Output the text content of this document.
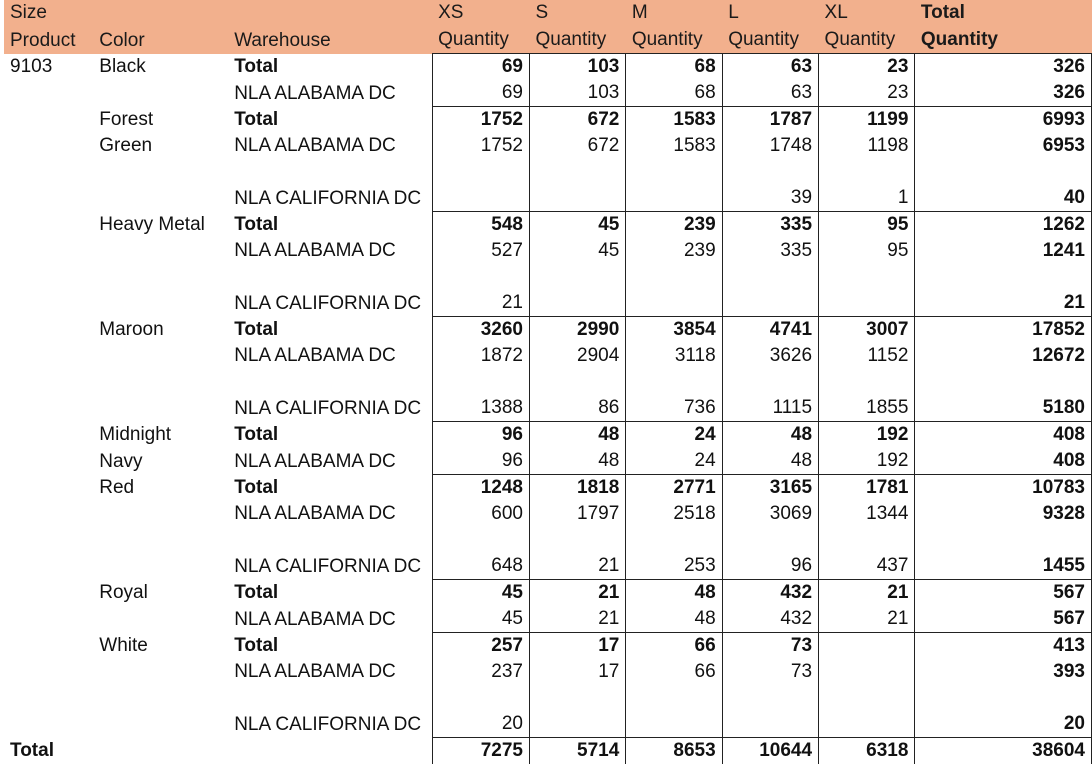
Size			XS	S	M	L	XL	Total
Product	Color	Warehouse	Quantity	Quantity	Quantity	Quantity	Quantity	Quantity
9103	Black	Total	69	103	68	63	23	326
		NLA ALABAMA DC	69	103	68	63	23	326
	Forest	Total	1752	672	1583	1787	1199	6993
	Green	NLA ALABAMA DC	1752	672	1583	1748	1198	6953
		NLA CALIFORNIA DC				39	1	40
	Heavy Metal	Total	548	45	239	335	95	1262
		NLA ALABAMA DC	527	45	239	335	95	1241
		NLA CALIFORNIA DC	21					21
	Maroon	Total	3260	2990	3854	4741	3007	17852
		NLA ALABAMA DC	1872	2904	3118	3626	1152	12672
		NLA CALIFORNIA DC	1388	86	736	1115	1855	5180
	Midnight	Total	96	48	24	48	192	408
	Navy	NLA ALABAMA DC	96	48	24	48	192	408
	Red	Total	1248	1818	2771	3165	1781	10783
		NLA ALABAMA DC	600	1797	2518	3069	1344	9328
		NLA CALIFORNIA DC	648	21	253	96	437	1455
	Royal	Total	45	21	48	432	21	567
		NLA ALABAMA DC	45	21	48	432	21	567
	White	Total	257	17	66	73		413
		NLA ALABAMA DC	237	17	66	73		393
		NLA CALIFORNIA DC	20					20
Total			7275	5714	8653	10644	6318	38604
